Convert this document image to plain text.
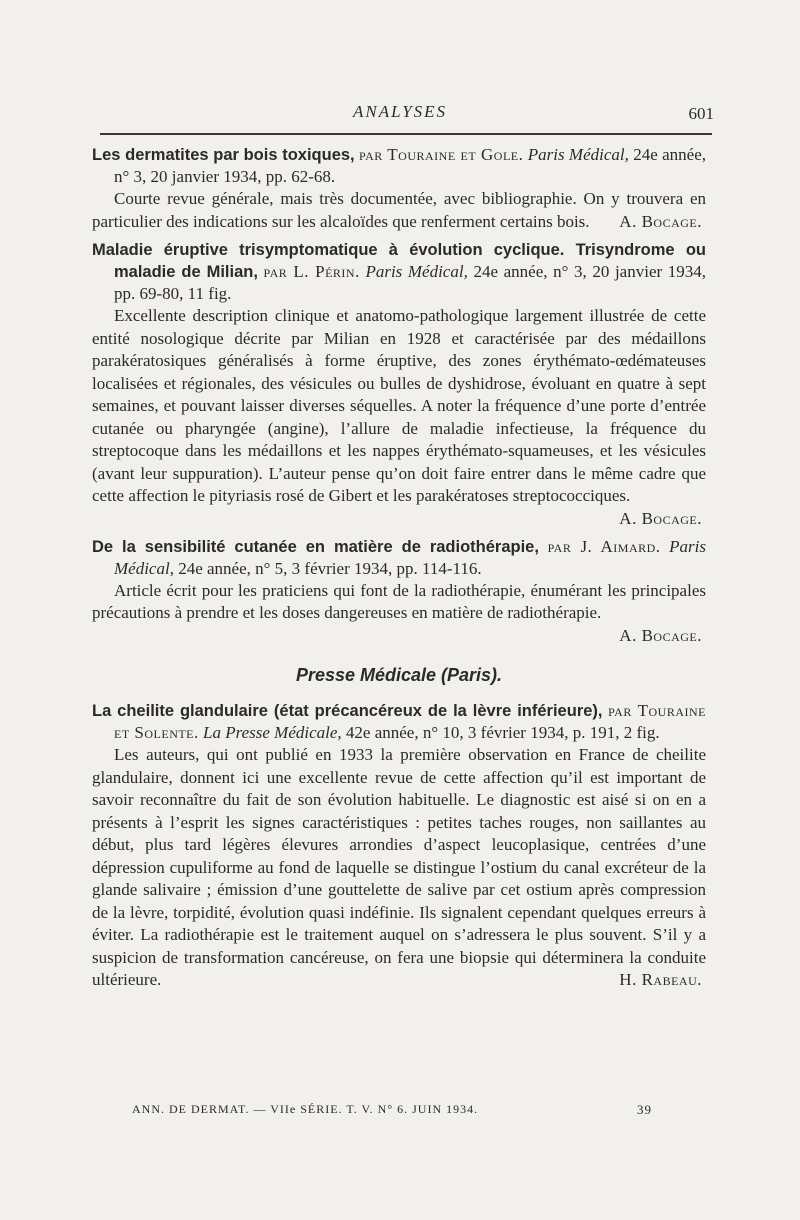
ANALYSES	601
Les dermatites par bois toxiques, par Touraine et Gole. Paris Médical, 24e année, n° 3, 20 janvier 1934, pp. 62-68.
Courte revue générale, mais très documentée, avec bibliographie. On y trouvera en particulier des indications sur les alcaloïdes que renferment certains bois.	A. Bocage.
Maladie éruptive trisymptomatique à évolution cyclique. Trisyndrome ou maladie de Milian, par L. Périn. Paris Médical, 24e année, n° 3, 20 janvier 1934, pp. 69-80, 11 fig.
Excellente description clinique et anatomo-pathologique largement illustrée de cette entité nosologique décrite par Milian en 1928 et caractérisée par des médaillons parakératosiques généralisés à forme éruptive, des zones érythémato-œdémateuses localisées et régionales, des vésicules ou bulles de dyshidrose, évoluant en quatre à sept semaines, et pouvant laisser diverses séquelles. A noter la fréquence d’une porte d’entrée cutanée ou pharyngée (angine), l’allure de maladie infectieuse, la fréquence du streptocoque dans les médaillons et les nappes érythémato-squameuses, et les vésicules (avant leur suppuration). L’auteur pense qu’on doit faire entrer dans le même cadre que cette affection le pityriasis rosé de Gibert et les parakératoses streptococciques.
A. Bocage.
De la sensibilité cutanée en matière de radiothérapie, par J. Aimard. Paris Médical, 24e année, n° 5, 3 février 1934, pp. 114-116.
Article écrit pour les praticiens qui font de la radiothérapie, énumérant les principales précautions à prendre et les doses dangereuses en matière de radiothérapie.
A. Bocage.
Presse Médicale (Paris).
La cheilite glandulaire (état précancéreux de la lèvre inférieure), par Touraine et Solente. La Presse Médicale, 42e année, n° 10, 3 février 1934, p. 191, 2 fig.
Les auteurs, qui ont publié en 1933 la première observation en France de cheilite glandulaire, donnent ici une excellente revue de cette affection qu’il est important de savoir reconnaître du fait de son évolution habituelle. Le diagnostic est aisé si on en a présents à l’esprit les signes caractéristiques : petites taches rouges, non saillantes au début, plus tard légères élevures arrondies d’aspect leucoplasique, centrées d’une dépression cupuliforme au fond de laquelle se distingue l’ostium du canal excréteur de la glande salivaire ; émission d’une gouttelette de salive par cet ostium après compression de la lèvre, torpidité, évolution quasi indéfinie. Ils signalent cependant quelques erreurs à éviter. La radiothérapie est le traitement auquel on s’adressera le plus souvent. S’il y a suspicion de transformation cancéreuse, on fera une biopsie qui déterminera la conduite ultérieure.	H. Rabeau.
ANN. DE DERMAT. — VIIe SÉRIE. T. V. N° 6. JUIN 1934.	39
